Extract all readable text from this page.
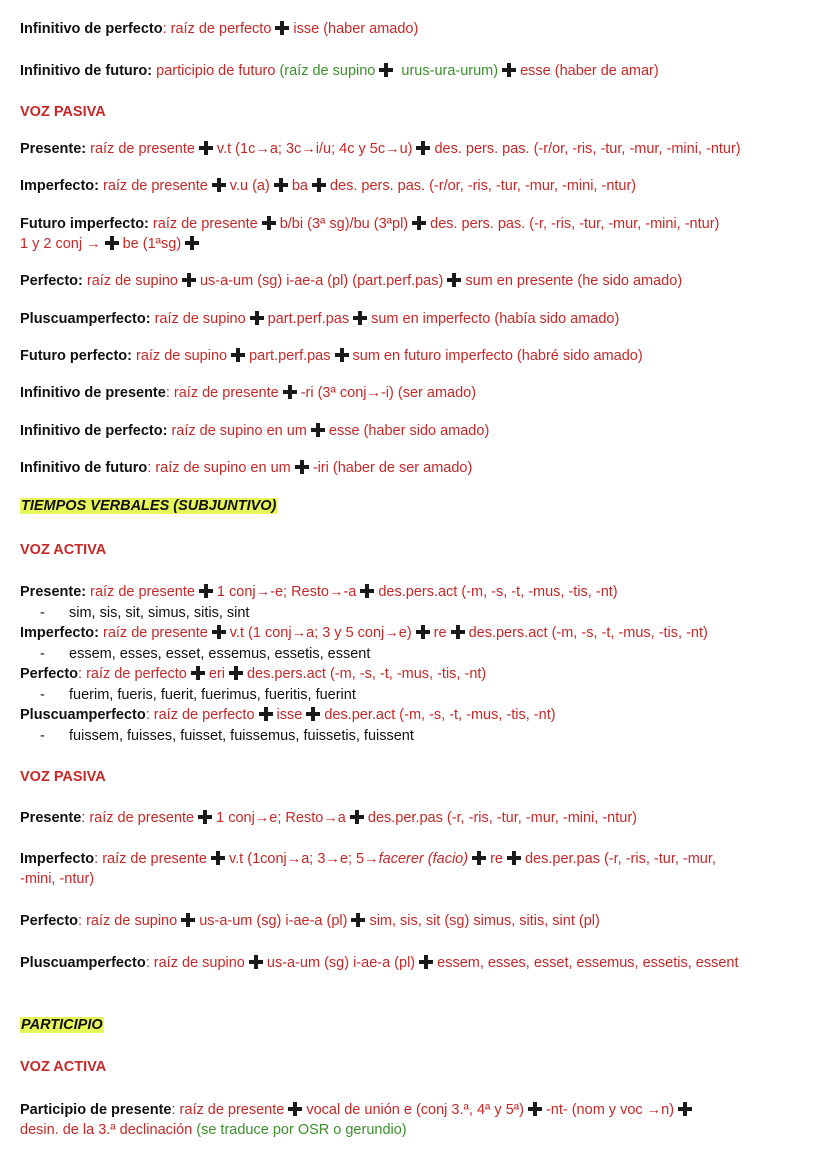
Infinitivo de perfecto: raíz de perfecto isse (haber amado)
Infinitivo de futuro: participio de futuro (raíz de supino urus-ura-urum) esse (haber de amar)
VOZ PASIVA
Presente: raíz de presente v.t (1c→a; 3c→i/u; 4c y 5c→u) des. pers. pas. (-r/or, -ris, -tur, -mur, -mini, -ntur)
Imperfecto: raíz de presente v.u (a) ba des. pers. pas. (-r/or, -ris, -tur, -mur, -mini, -ntur)
Futuro imperfecto: raíz de presente b/bi (3ª sg)/bu (3ªpl) des. pers. pas. (-r, -ris, -tur, -mur, -mini, -ntur)
1 y 2 conj → be (1ªsg)
Perfecto: raíz de supino us-a-um (sg) i-ae-a (pl) (part.perf.pas) sum en presente (he sido amado)
Pluscuamperfecto: raíz de supino part.perf.pas sum en imperfecto (había sido amado)
Futuro perfecto: raíz de supino part.perf.pas sum en futuro imperfecto (habré sido amado)
Infinitivo de presente: raíz de presente -ri (3ª conj→-i) (ser amado)
Infinitivo de perfecto: raíz de supino en um esse (haber sido amado)
Infinitivo de futuro: raíz de supino en um -iri (haber de ser amado)
TIEMPOS VERBALES (SUBJUNTIVO)
VOZ ACTIVA
Presente: raíz de presente 1 conj→-e; Resto→-a des.pers.act (-m, -s, -t, -mus, -tis, -nt)
- sim, sis, sit, simus, sitis, sint
Imperfecto: raíz de presente v.t (1 conj→a; 3 y 5 conj→e) re des.pers.act (-m, -s, -t, -mus, -tis, -nt)
- essem, esses, esset, essemus, essetis, essent
Perfecto: raíz de perfecto eri des.pers.act (-m, -s, -t, -mus, -tis, -nt)
- fuerim, fueris, fuerit, fuerimus, fueritis, fuerint
Pluscuamperfecto: raíz de perfecto isse des.per.act (-m, -s, -t, -mus, -tis, -nt)
- fuissem, fuisses, fuisset, fuissemus, fuissetis, fuissent
VOZ PASIVA
Presente: raíz de presente 1 conj→e; Resto→a des.per.pas (-r, -ris, -tur, -mur, -mini, -ntur)
Imperfecto: raíz de presente v.t (1conj→a; 3→e; 5→facerer (facio) re des.per.pas (-r, -ris, -tur, -mur,
-mini, -ntur)
Perfecto: raíz de supino us-a-um (sg) i-ae-a (pl) sim, sis, sit (sg) simus, sitis, sint (pl)
Pluscuamperfecto: raíz de supino us-a-um (sg) i-ae-a (pl) essem, esses, esset, essemus, essetis, essent
PARTICIPIO
VOZ ACTIVA
Participio de presente: raíz de presente vocal de unión e (conj 3.ª, 4ª y 5ª) -nt- (nom y voc →n)
desin. de la 3.ª declinación (se traduce por OSR o gerundio)
